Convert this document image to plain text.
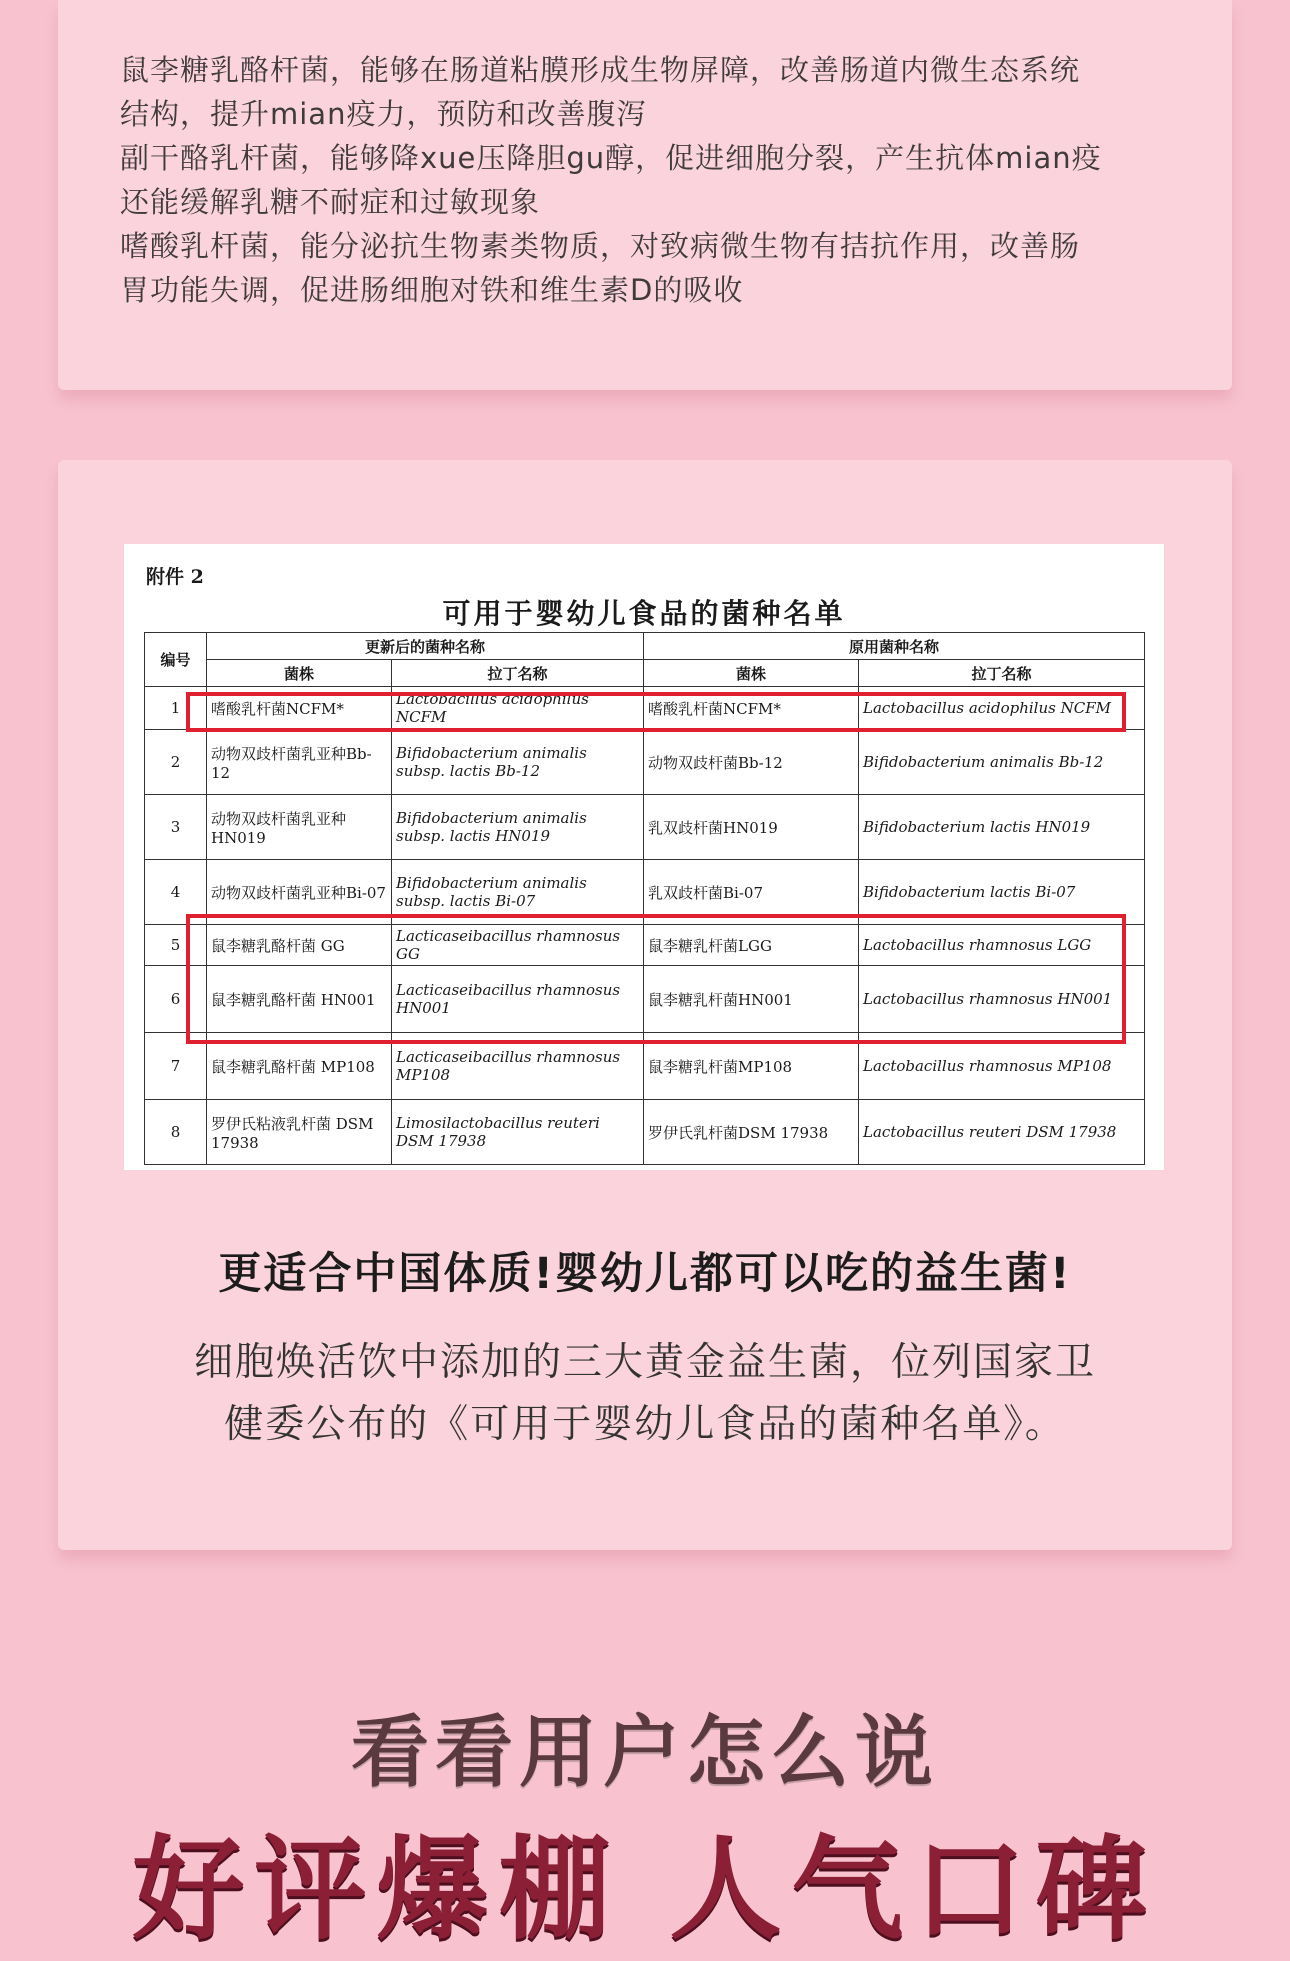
鼠李糖乳酪杆菌，能够在肠道粘膜形成生物屏障，改善肠道内微生态系统

结构，提升mian疫力，预防和改善腹泻

副干酪乳杆菌，能够降xue压降胆gu醇，促进细胞分裂，产生抗体mian疫

还能缓解乳糖不耐症和过敏现象

嗜酸乳杆菌，能分泌抗生物素类物质，对致病微生物有拮抗作用，改善肠

胃功能失调，促进肠细胞对铁和维生素D的吸收

附件 2
可用于婴幼儿食品的菌种名单
编号	更新后的菌种名称		原用菌种名称	
	菌株	拉丁名称	菌株	拉丁名称
1	嗜酸乳杆菌NCFM*	Lactobacillus acidophilus NCFM	嗜酸乳杆菌NCFM*	Lactobacillus acidophilus NCFM
2	动物双歧杆菌乳亚种Bb-12	Bifidobacterium animalis subsp. lactis Bb-12	动物双歧杆菌Bb-12	Bifidobacterium animalis Bb-12
3	动物双歧杆菌乳亚种HN019	Bifidobacterium animalis subsp. lactis HN019	乳双歧杆菌HN019	Bifidobacterium lactis HN019
4	动物双歧杆菌乳亚种Bi-07	Bifidobacterium animalis subsp. lactis Bi-07	乳双歧杆菌Bi-07	Bifidobacterium lactis Bi-07
5	鼠李糖乳酪杆菌 GG	Lacticaseibacillus rhamnosus GG	鼠李糖乳杆菌LGG	Lactobacillus rhamnosus LGG
6	鼠李糖乳酪杆菌 HN001	Lacticaseibacillus rhamnosus HN001	鼠李糖乳杆菌HN001	Lactobacillus rhamnosus HN001
7	鼠李糖乳酪杆菌 MP108	Lacticaseibacillus rhamnosus MP108	鼠李糖乳杆菌MP108	Lactobacillus rhamnosus MP108
8	罗伊氏粘液乳杆菌 DSM 17938	Limosilactobacillus reuteri DSM 17938	罗伊氏乳杆菌DSM 17938	Lactobacillus reuteri DSM 17938
更适合中国体质!婴幼儿都可以吃的益生菌!

细胞焕活饮中添加的三大黄金益生菌，位列国家卫

健委公布的《可用于婴幼儿食品的菌种名单》。

看看用户怎么说
好评爆棚 人气口碑
